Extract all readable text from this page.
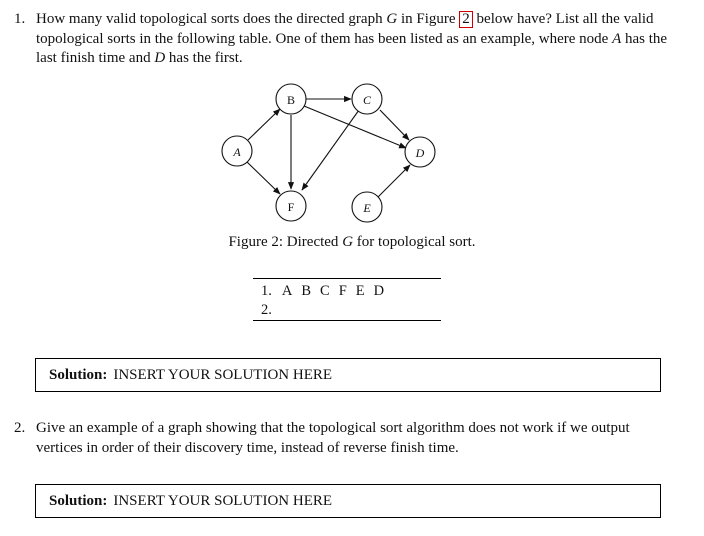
1. How many valid topological sorts does the directed graph G in Figure 2 below have? List all the valid topological sorts in the following table. One of them has been listed as an example, where node A has the last finish time and D has the first.
A
B	C
D
E
F
Figure 2: Directed G for topological sort.
1. A B C F E D
2.
Solution: INSERT YOUR SOLUTION HERE
2. Give an example of a graph showing that the topological sort algorithm does not work if we output vertices in order of their discovery time, instead of reverse finish time.
Solution: INSERT YOUR SOLUTION HERE
